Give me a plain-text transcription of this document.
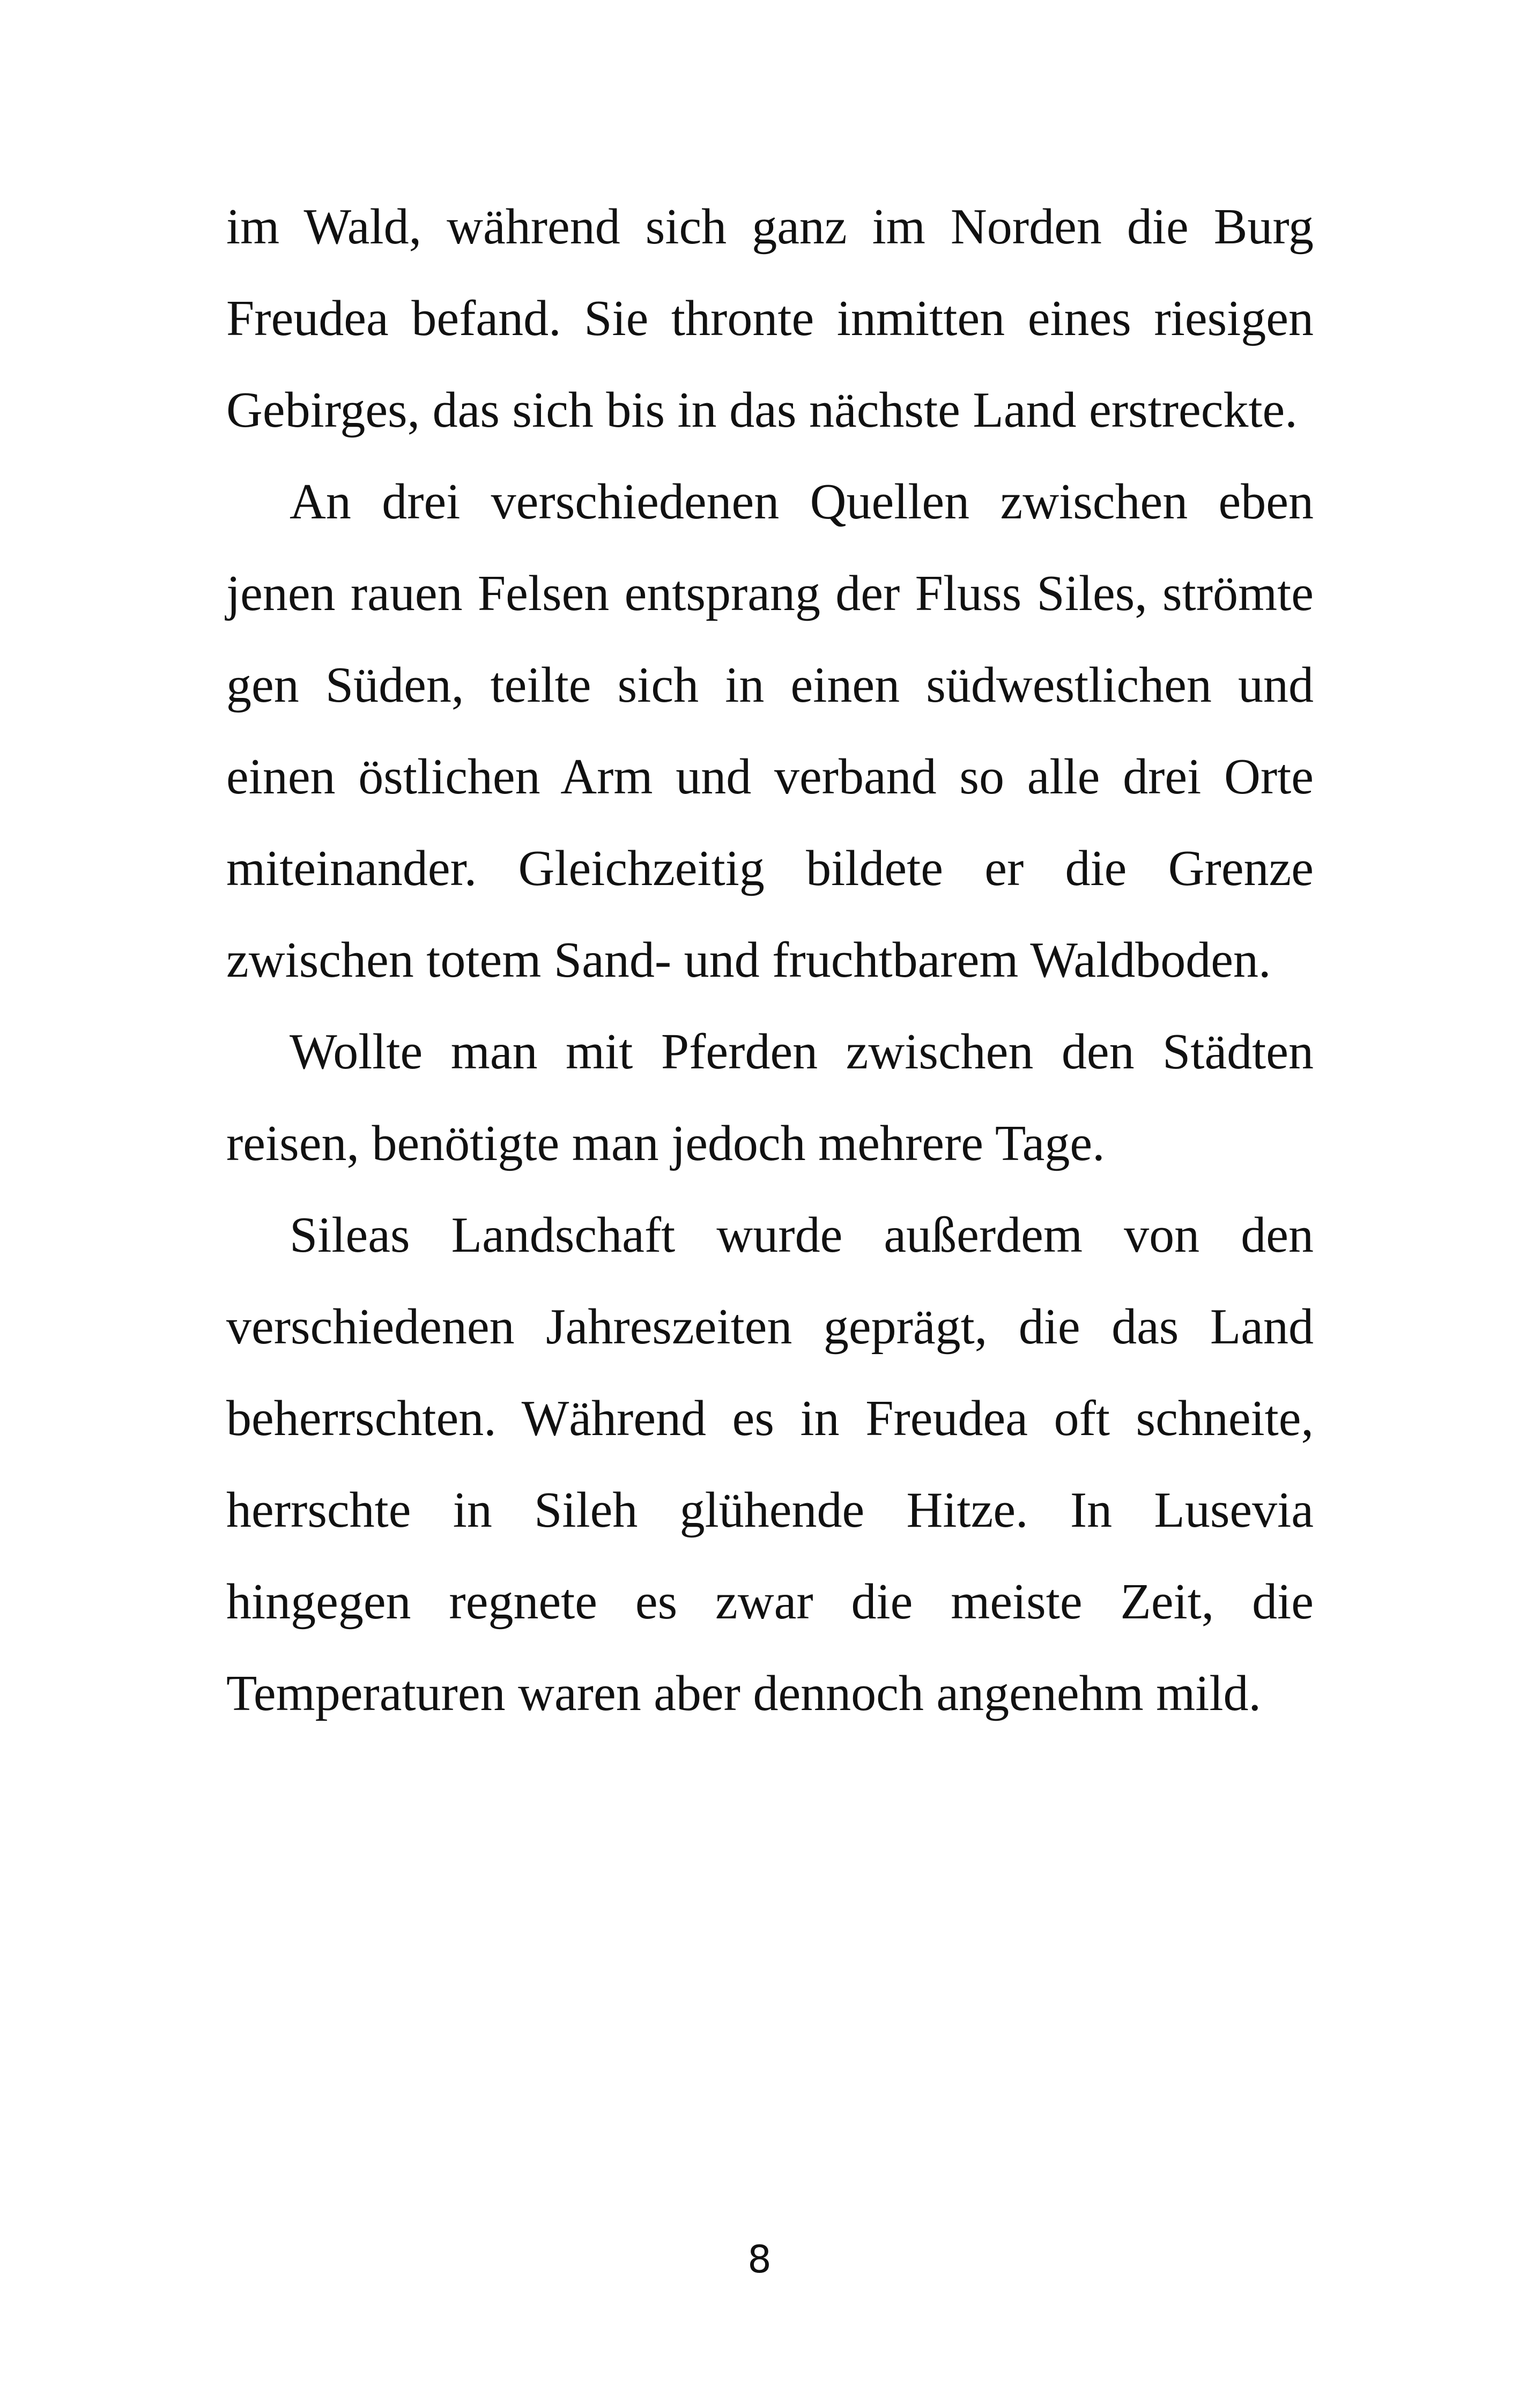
im Wald, während sich ganz im Norden die Burg Freudea befand. Sie thronte inmitten eines riesigen Gebirges, das sich bis in das nächste Land erstreckte.

An drei verschiedenen Quellen zwischen eben jenen rauen Felsen entsprang der Fluss Siles, strömte gen Süden, teilte sich in einen südwestlichen und einen östlichen Arm und verband so alle drei Orte miteinander. Gleichzeitig bildete er die Grenze zwischen totem Sand- und fruchtbarem Waldboden.

Wollte man mit Pferden zwischen den Städten reisen, benötigte man jedoch mehrere Tage.

Sileas Landschaft wurde außerdem von den verschiedenen Jahreszeiten geprägt, die das Land beherrschten. Während es in Freudea oft schneite, herrschte in Sileh glühende Hitze. In Lusevia hingegen regnete es zwar die meiste Zeit, die Temperaturen waren aber dennoch angenehm mild.

8
